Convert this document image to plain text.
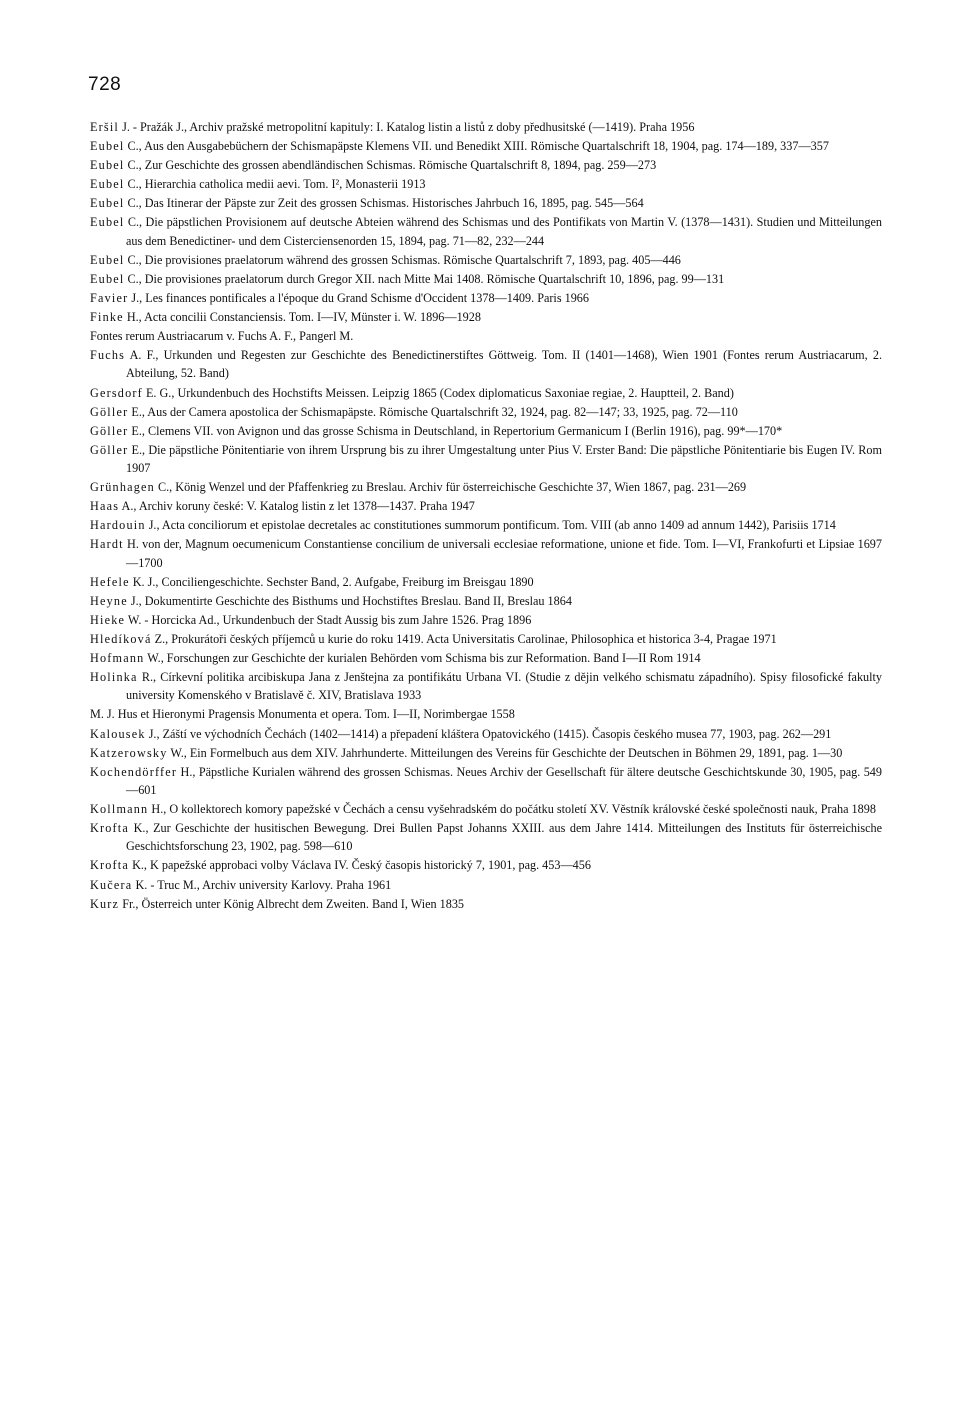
728

Eršil J. - Pražák J., Archiv pražské metropolitní kapituly: I. Katalog listin a listů z doby předhusitské (—1419). Praha 1956

Eubel C., Aus den Ausgabebüchern der Schismapäpste Klemens VII. und Benedikt XIII. Römische Quartalschrift 18, 1904, pag. 174—189, 337—357

Eubel C., Zur Geschichte des grossen abendländischen Schismas. Römische Quartalschrift 8, 1894, pag. 259—273

Eubel C., Hierarchia catholica medii aevi. Tom. I², Monasterii 1913

Eubel C., Das Itinerar der Päpste zur Zeit des grossen Schismas. Historisches Jahrbuch 16, 1895, pag. 545—564

Eubel C., Die päpstlichen Provisionem auf deutsche Abteien während des Schismas und des Pontifikats von Martin V. (1378—1431). Studien und Mitteilungen aus dem Benedictiner- und dem Cisterciensenorden 15, 1894, pag. 71—82, 232—244

Eubel C., Die provisiones praelatorum während des grossen Schismas. Römische Quartalschrift 7, 1893, pag. 405—446

Eubel C., Die provisiones praelatorum durch Gregor XII. nach Mitte Mai 1408. Römische Quartalschrift 10, 1896, pag. 99—131

Favier J., Les finances pontificales a l'époque du Grand Schisme d'Occident 1378—1409. Paris 1966

Finke H., Acta concilii Constanciensis. Tom. I—IV, Münster i. W. 1896—1928

Fontes rerum Austriacarum v. Fuchs A. F., Pangerl M.

Fuchs A. F., Urkunden und Regesten zur Geschichte des Benedictinerstiftes Göttweig. Tom. II (1401—1468), Wien 1901 (Fontes rerum Austriacarum, 2. Abteilung, 52. Band)

Gersdorf E. G., Urkundenbuch des Hochstifts Meissen. Leipzig 1865 (Codex diplomaticus Saxoniae regiae, 2. Hauptteil, 2. Band)

Göller E., Aus der Camera apostolica der Schismapäpste. Römische Quartalschrift 32, 1924, pag. 82—147; 33, 1925, pag. 72—110

Göller E., Clemens VII. von Avignon und das grosse Schisma in Deutschland, in Repertorium Germanicum I (Berlin 1916), pag. 99*—170*

Göller E., Die päpstliche Pönitentiarie von ihrem Ursprung bis zu ihrer Umgestaltung unter Pius V. Erster Band: Die päpstliche Pönitentiarie bis Eugen IV. Rom 1907

Grünhagen C., König Wenzel und der Pfaffenkrieg zu Breslau. Archiv für österreichische Geschichte 37, Wien 1867, pag. 231—269

Haas A., Archiv koruny české: V. Katalog listin z let 1378—1437. Praha 1947

Hardouin J., Acta conciliorum et epistolae decretales ac constitutiones summorum pontificum. Tom. VIII (ab anno 1409 ad annum 1442), Parisiis 1714

Hardt H. von der, Magnum oecumenicum Constantiense concilium de universali ecclesiae reformatione, unione et fide. Tom. I—VI, Frankofurti et Lipsiae 1697—1700

Hefele K. J., Conciliengeschichte. Sechster Band, 2. Aufgabe, Freiburg im Breisgau 1890

Heyne J., Dokumentirte Geschichte des Bisthums und Hochstiftes Breslau. Band II, Breslau 1864

Hieke W. - Horcicka Ad., Urkundenbuch der Stadt Aussig bis zum Jahre 1526. Prag 1896

Hledíková Z., Prokurátoři českých příjemců u kurie do roku 1419. Acta Universitatis Carolinae, Philosophica et historica 3-4, Pragae 1971

Hofmann W., Forschungen zur Geschichte der kurialen Behörden vom Schisma bis zur Reformation. Band I—II Rom 1914

Holinka R., Církevní politika arcibiskupa Jana z Jenštejna za pontifikátu Urbana VI. (Studie z dějin velkého schismatu západního). Spisy filosofické fakulty university Komenského v Bratislavě č. XIV, Bratislava 1933

M. J. Hus et Hieronymi Pragensis Monumenta et opera. Tom. I—II, Norimbergae 1558

Kalousek J., Záští ve východních Čechách (1402—1414) a přepadení kláštera Opatovického (1415). Časopis českého musea 77, 1903, pag. 262—291

Katzerowsky W., Ein Formelbuch aus dem XIV. Jahrhunderte. Mitteilungen des Vereins für Geschichte der Deutschen in Böhmen 29, 1891, pag. 1—30

Kochendörffer H., Päpstliche Kurialen während des grossen Schismas. Neues Archiv der Gesellschaft für ältere deutsche Geschichtskunde 30, 1905, pag. 549—601

Kollmann H., O kollektorech komory papežské v Čechách a censu vyšehradském do počátku století XV. Věstník královské české společnosti nauk, Praha 1898

Krofta K., Zur Geschichte der husitischen Bewegung. Drei Bullen Papst Johanns XXIII. aus dem Jahre 1414. Mitteilungen des Instituts für österreichische Geschichtsforschung 23, 1902, pag. 598—610

Krofta K., K papežské approbaci volby Václava IV. Český časopis historický 7, 1901, pag. 453—456

Kučera K. - Truc M., Archiv university Karlovy. Praha 1961

Kurz Fr., Österreich unter König Albrecht dem Zweiten. Band I, Wien 1835
